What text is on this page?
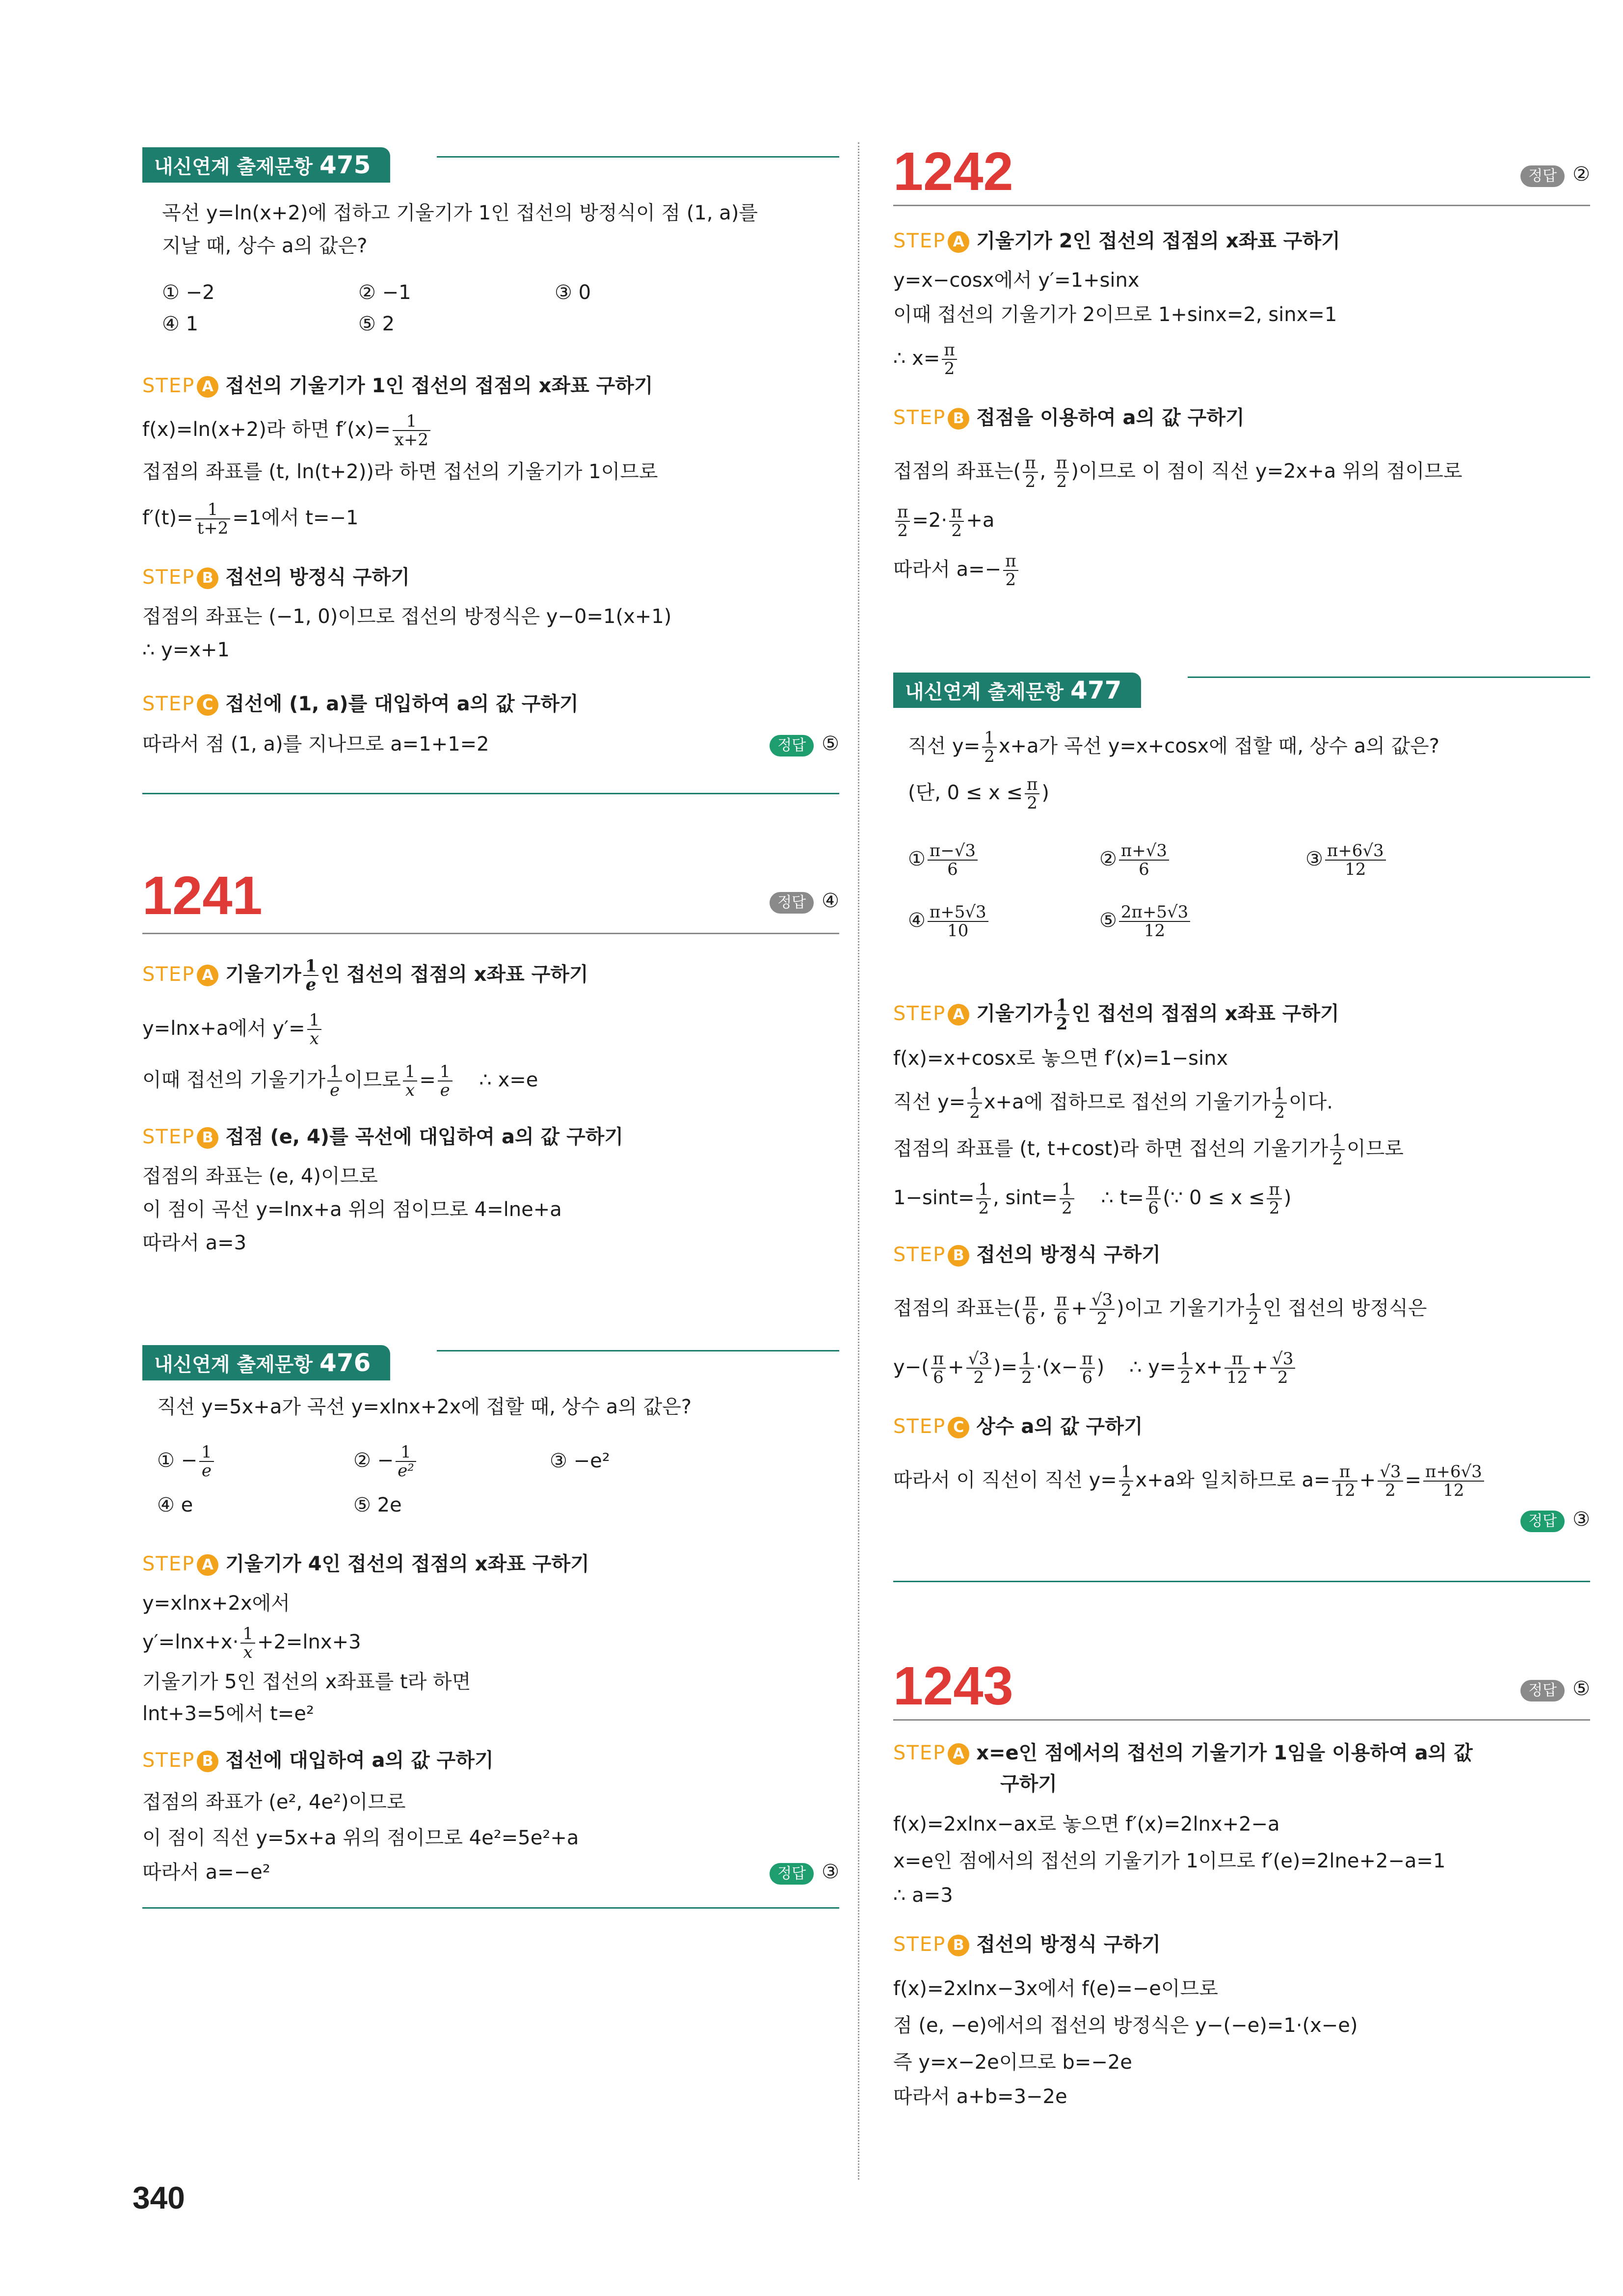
내신연계 출제문항 475
곡선 y=ln(x+2)에 접하고 기울기가 1인 접선의 방정식이 점 (1, a)를
지날 때, 상수 a의 값은?
① −2	② −1	③ 0
④ 1	⑤ 2
STEP A 접선의 기울기가 1인 접선의 접점의 x좌표 구하기
f(x)=ln(x+2)라 하면 $f'(x)= \frac{1}{x+2}$
접점의 좌표를 (t, ln(t+2))라 하면 접선의 기울기가 1이므로
$f'(t)= \frac{1}{t+2} =1$에서 t=−1
STEP B 접선의 방정식 구하기
접점의 좌표는 (−1, 0)이므로 접선의 방정식은 y−0=1(x+1)
∴ y=x+1
STEP C 접선에 (1, a)를 대입하여 a의 값 구하기
따라서 점 (1, a)를 지나므로 a=1+1=2	정답 ⑤
1241	정답 ④
STEP A 기울기가 $\frac{1}{e}$ 인 접선의 접점의 x좌표 구하기
y=lnx+a에서 $y'= \frac{1}{x}$
이때 접선의 기울기가 $\frac{1}{e}$ 이므로 $\frac{1}{x} = \frac{1}{e}$ ∴ x=e
STEP B 접점 (e, 4)를 곡선에 대입하여 a의 값 구하기
접점의 좌표는 (e, 4)이므로
이 점이 곡선 y=lnx+a 위의 점이므로 4=lne+a
따라서 a=3
내신연계 출제문항 476
직선 y=5x+a가 곡선 y=xlnx+2x에 접할 때, 상수 a의 값은?
① − $\frac{1}{e}$	② − $\frac{1}{\text{e²}}$	③ −e²
④ e	⑤ 2e
STEP A 기울기가 4인 접선의 접점의 x좌표 구하기
y=xlnx+2x에서
$y'=\ln x+x\cdot \frac{1}{x} +2=\ln x+3$
기울기가 5인 접선의 x좌표를 t라 하면
lnt+3=5에서 t=e²
STEP B 접선에 대입하여 a의 값 구하기
접점의 좌표가 (e², 4e²)이므로
이 점이 직선 y=5x+a 위의 점이므로 4e²=5e²+a
따라서 a=−e²	정답 ③
1242	정답 ②
STEP A 기울기가 2인 접선의 접점의 x좌표 구하기
y=x−cosx에서 y′=1+sinx
이때 접선의 기울기가 2이므로 1+sinx=2, sinx=1
∴ $x= \frac{\pi}{2}$
STEP B 접점을 이용하여 a의 값 구하기
접점의 좌표는( $\frac{\pi}{2}$ , $\frac{\pi}{2}$ )이므로 이 점이 직선 y=2x+a 위의 점이므로
$\frac{\pi}{2} =2\cdot \frac{\pi}{2} +a$
따라서 $a=- \frac{\pi}{2}$
내신연계 출제문항 477
직선 $y= \frac{1}{2} x+a$가 곡선 y=x+cosx에 접할 때, 상수 a의 값은?
(단, $0 \le x \le \frac{\pi}{2}$ )
① $\frac{\pi-√3}{6}$	② $\frac{\pi+√3}{6}$	③ $\frac{\pi+6√3}{12}$
④ $\frac{\pi+5√3}{10}$	⑤ $\frac{2\pi+5√3}{12}$
STEP A 기울기가 $\frac{1}{2}$ 인 접선의 접점의 x좌표 구하기
f(x)=x+cosx로 놓으면 f′(x)=1−sinx
직선 $y= \frac{1}{2} x+a$에 접하므로 접선의 기울기가 $\frac{1}{2}$ 이다.
접점의 좌표를 (t, t+cost)라 하면 접선의 기울기가 $\frac{1}{2}$ 이므로
$1-\sin t= \frac{1}{2}$ , $\sin t= \frac{1}{2}$ ∴ $t= \frac{\pi}{6}$ (∵ $0 \le x \le \frac{\pi}{2}$ )
STEP B 접선의 방정식 구하기
접점의 좌표는( $\frac{\pi}{6}$ , $\frac{\pi}{6} + \frac{√3}{2}$ )이고 기울기가 $\frac{1}{2}$ 인 접선의 방정식은
$y-( \frac{\pi}{6} + \frac{√3}{2}$ )= $\frac{1}{2} \cdot(x- \frac{\pi}{6}$ )    ∴ $y= \frac{1}{2} x+ \frac{\pi}{12} + \frac{√3}{2}$
STEP C 상수 a의 값 구하기
따라서 이 직선이 직선 $y= \frac{1}{2} x+a$와 일치하므로 $a= \frac{\pi}{12} + \frac{√3}{2} = \frac{\pi+6√3}{12}$
정답 ③
1243	정답 ⑤
STEP A x=e인 점에서의 접선의 기울기가 1임을 이용하여 a의 값
구하기
f(x)=2xlnx−ax로 놓으면 f′(x)=2lnx+2−a
x=e인 점에서의 접선의 기울기가 1이므로 f′(e)=2lne+2−a=1
∴ a=3
STEP B 접선의 방정식 구하기
f(x)=2xlnx−3x에서 f(e)=−e이므로
점 (e, −e)에서의 접선의 방정식은 y−(−e)=1·(x−e)
즉 y=x−2e이므로 b=−2e
따라서 a+b=3−2e
340
